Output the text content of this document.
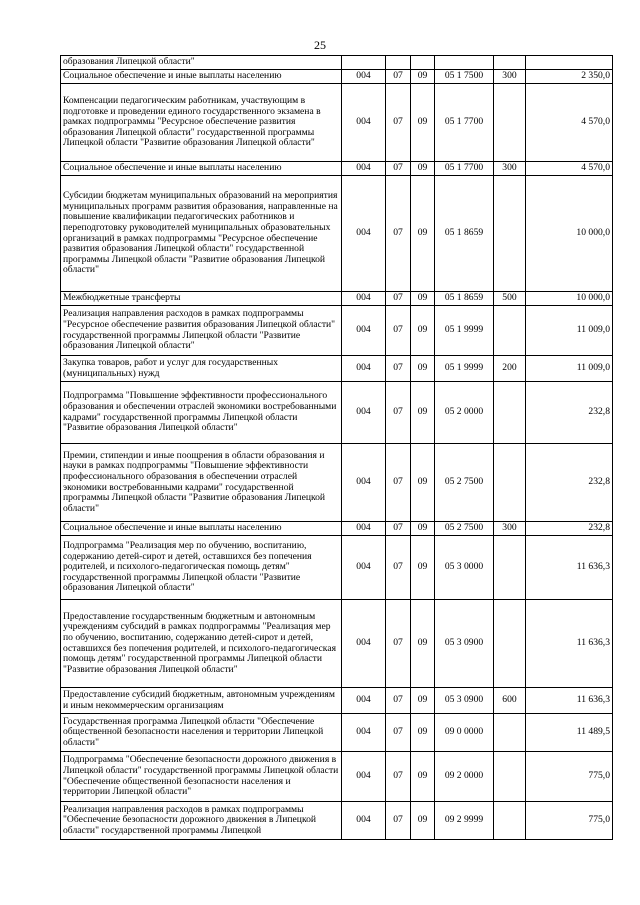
25
образования Липецкой области"						
Социальное обеспечение и иные выплаты населению	004	07	09	05 1 7500	300	2 350,0
Компенсации педагогическим работникам, участвующим в подготовке и проведении единого государственного экзамена в рамках подпрограммы "Ресурсное обеспечение развития образования Липецкой области" государственной программы Липецкой области "Развитие образования Липецкой области"	004	07	09	05 1 7700		4 570,0
Социальное обеспечение и иные выплаты населению	004	07	09	05 1 7700	300	4 570,0
Субсидии бюджетам муниципальных образований на мероприятия муниципальных программ развития образования, направленные на повышение квалификации педагогических работников и переподготовку руководителей муниципальных образовательных организаций в рамках подпрограммы "Ресурсное обеспечение развития образования Липецкой области" государственной программы Липецкой области "Развитие образования Липецкой области"	004	07	09	05 1 8659		10 000,0
Межбюджетные трансферты	004	07	09	05 1 8659	500	10 000,0
Реализация направления расходов в рамках подпрограммы "Ресурсное обеспечение развития образования Липецкой области" государственной программы Липецкой области "Развитие образования Липецкой области"	004	07	09	05 1 9999		11 009,0
Закупка товаров, работ и услуг для государственных (муниципальных) нужд	004	07	09	05 1 9999	200	11 009,0
Подпрограмма "Повышение эффективности профессионального образования и обеспечении отраслей экономики востребованными кадрами" государственной программы Липецкой области "Развитие образования Липецкой области"	004	07	09	05 2 0000		232,8
Премии, стипендии и иные поощрения в области образования и науки в рамках подпрограммы "Повышение эффективности профессионального образования в обеспечении отраслей экономики востребованными кадрами" государственной программы Липецкой области "Развитие образования Липецкой области"	004	07	09	05 2 7500		232,8
Социальное обеспечение и иные выплаты населению	004	07	09	05 2 7500	300	232,8
Подпрограмма "Реализация мер по обучению, воспитанию, содержанию детей-сирот и детей, оставшихся без попечения родителей, и психолого-педагогическая помощь детям" государственной программы Липецкой области "Развитие образования Липецкой области"	004	07	09	05 3 0000		11 636,3
Предоставление государственным бюджетным и автономным учреждениям субсидий в рамках подпрограммы "Реализация мер по обучению, воспитанию, содержанию детей-сирот и детей, оставшихся без попечения родителей, и психолого-педагогическая помощь детям" государственной программы Липецкой области "Развитие образования Липецкой области"	004	07	09	05 3 0900		11 636,3
Предоставление субсидий бюджетным, автономным учреждениям и иным некоммерческим организациям	004	07	09	05 3 0900	600	11 636,3
Государственная программа Липецкой области "Обеспечение общественной безопасности населения и территории Липецкой области"	004	07	09	09 0 0000		11 489,5
Подпрограмма "Обеспечение безопасности дорожного движения в Липецкой области" государственной программы Липецкой области "Обеспечение общественной безопасности населения и территории Липецкой области"	004	07	09	09 2 0000		775,0
Реализация направления расходов в рамках подпрограммы "Обеспечение безопасности дорожного движения в Липецкой области" государственной программы Липецкой	004	07	09	09 2 9999		775,0
